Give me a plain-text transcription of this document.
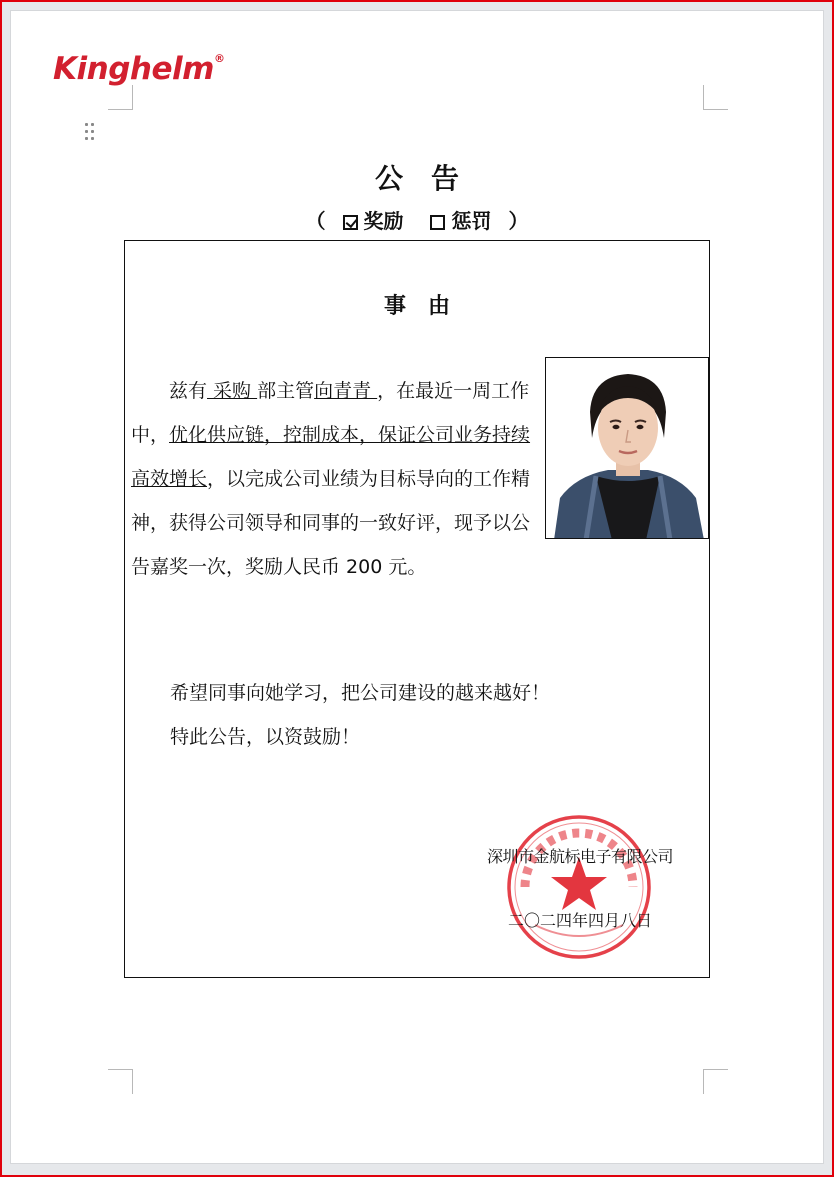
Kinghelm®
公告
（ 奖励 惩罚 ）
事由

兹有 采购 部主管向青青 ，在最近一周工作中，优化供应链，控制成本，保证公司业务持续高效增长，以完成公司业绩为目标导向的工作精神，获得公司领导和同事的一致好评，现予以公告嘉奖一次，奖励人民币 200 元。

希望同事向她学习，把公司建设的越来越好！
特此公告，以资鼓励！
深圳市金航标电子有限公司
二〇二四年四月八日
